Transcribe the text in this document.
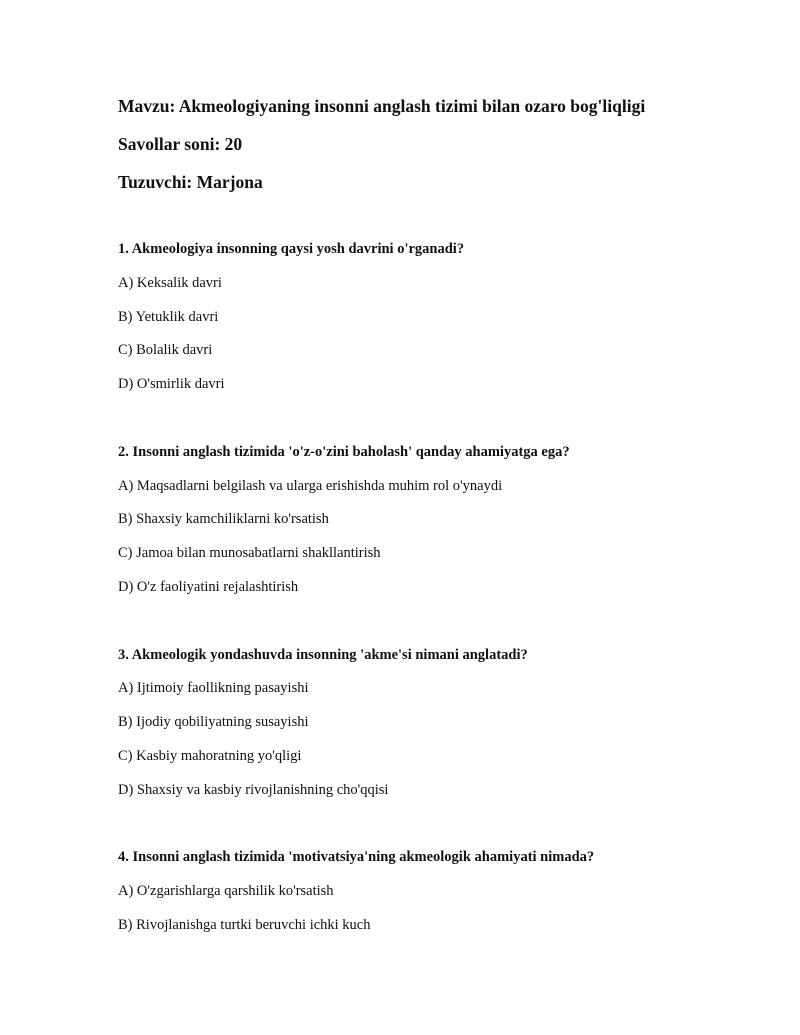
Mavzu: Akmeologiyaning insonni anglash tizimi bilan ozaro bog'liqligi

Savollar soni: 20

Tuzuvchi: Marjona

1. Akmeologiya insonning qaysi yosh davrini o'rganadi?

A) Keksalik davri

B) Yetuklik davri

C) Bolalik davri

D) O'smirlik davri

2. Insonni anglash tizimida 'o'z-o'zini baholash' qanday ahamiyatga ega?

A) Maqsadlarni belgilash va ularga erishishda muhim rol o'ynaydi

B) Shaxsiy kamchiliklarni ko'rsatish

C) Jamoa bilan munosabatlarni shakllantirish

D) O'z faoliyatini rejalashtirish

3. Akmeologik yondashuvda insonning 'akme'si nimani anglatadi?

A) Ijtimoiy faollikning pasayishi

B) Ijodiy qobiliyatning susayishi

C) Kasbiy mahoratning yo'qligi

D) Shaxsiy va kasbiy rivojlanishning cho'qqisi

4. Insonni anglash tizimida 'motivatsiya'ning akmeologik ahamiyati nimada?

A) O'zgarishlarga qarshilik ko'rsatish

B) Rivojlanishga turtki beruvchi ichki kuch
